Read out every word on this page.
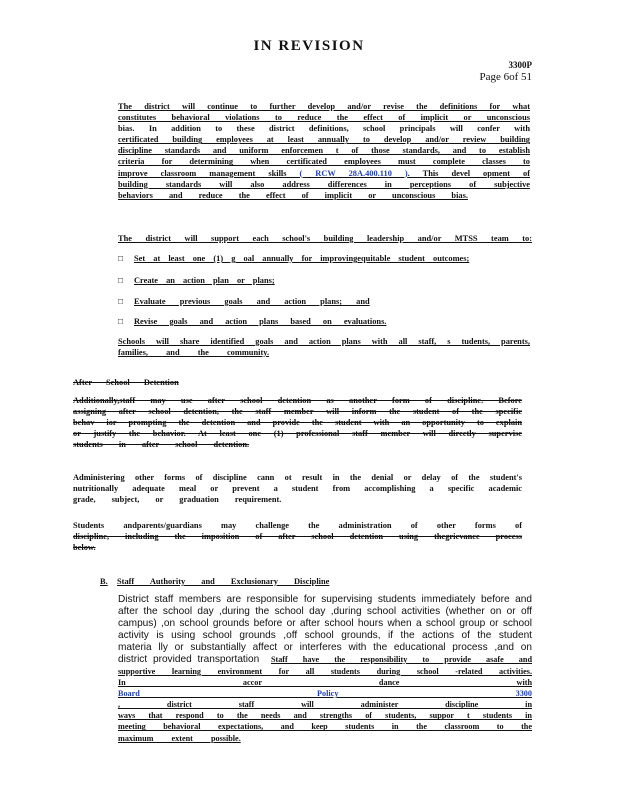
IN REVISION
3300P
Page 6of 51
The district will continue to further develop and/or revise the definitions for what
constitutes behavioral violations to reduce the effect of implicit or unconscious
bias. In addition to these district definitions, school principals will confer with
certificated building employees at least annually to develop and/or review building
discipline standards and uniform enforcemen t of those standards, and to establish
criteria for determining when certificated employees must complete classes to
improve classroom management skills ( RCW 28A.400.110 ). This devel opment of
building standards will also address differences in perceptions of subjective
behaviors and reduce the effect of implicit or unconscious bias.
The district will support each school's building leadership and/or MTSS team to:
□	Set at least one (1) g oal annually for improvingequitable student outcomes;
□	Create an action plan or plans;
□	Evaluate previous goals and action plans; and
□	Revise goals and action plans based on evaluations.
Schools will share identified goals and action plans with all staff, s tudents, parents,
families, and the community.
After School Detention
Additionally,staff may use after school detention as another form of discipline. Before
assigning after school detention, the staff member will inform the student of the specific
behav ior prompting the detention and provide the student with an opportunity to explain
or justify the behavior. At least one (1) professional staff member will directly supervise
students in after school detention.
Administering other forms of discipline cann ot result in the denial or delay of the student's
nutritionally adequate meal or prevent a student from accomplishing a specific academic
grade, subject, or graduation requirement.
Students andparents/guardians may challenge the administration of other forms of
discipline, including the imposition of after school detention using thegrievance process
below.
B.	Staff Authority and Exclusionary Discipline
District staff members are responsible for supervising students immediately before and
after the school day ,during the school day ,during school activities (whether on or off
campus) ,on school grounds before or after school hours when a school group or school
activity is using school grounds ,off school grounds, if the actions of the student
materia lly or substantially affect or interferes with the educational process ,and on
district provided transportation Staff have the responsibility to provide asafe and
supportive learning environment for all students during school -related activities.
In accor dance with
Board Policy 3300
, district staff will administer discipline in
ways that respond to the needs and strengths of students, suppor t students in
meeting behavioral expectations, and keep students in the classroom to the
maximum extent possible.
